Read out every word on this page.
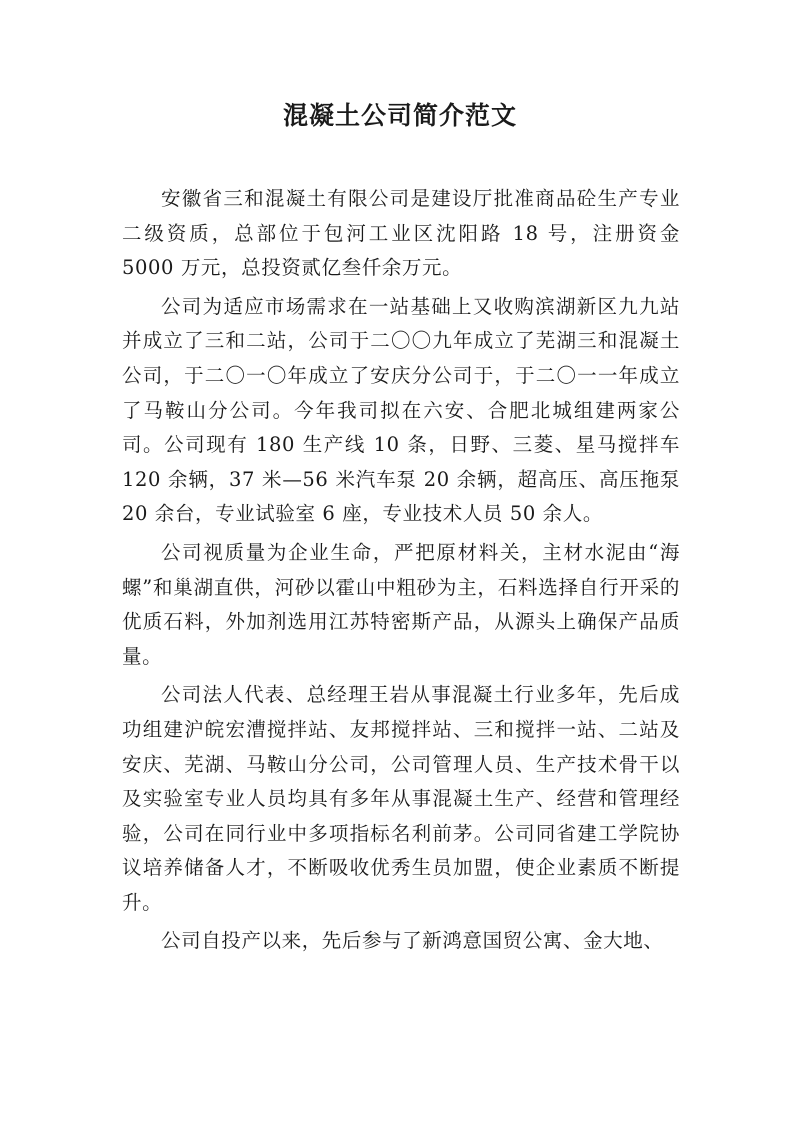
混凝土公司简介范文

安徽省三和混凝土有限公司是建设厅批准商品砼生产专业二级资质，总部位于包河工业区沈阳路 18 号，注册资金 5000 万元，总投资贰亿叁仟余万元。

公司为适应市场需求在一站基础上又收购滨湖新区九九站并成立了三和二站，公司于二〇〇九年成立了芜湖三和混凝土公司，于二〇一〇年成立了安庆分公司于，于二〇一一年成立了马鞍山分公司。今年我司拟在六安、合肥北城组建两家公司。公司现有 180 生产线 10 条，日野、三菱、星马搅拌车 120 余辆，37 米—56 米汽车泵 20 余辆，超高压、高压拖泵 20 余台，专业试验室 6 座，专业技术人员 50 余人。

公司视质量为企业生命，严把原材料关，主材水泥由“海螺”和巢湖直供，河砂以霍山中粗砂为主，石料选择自行开采的优质石料，外加剂选用江苏特密斯产品，从源头上确保产品质量。

公司法人代表、总经理王岩从事混凝土行业多年，先后成功组建沪皖宏漕搅拌站、友邦搅拌站、三和搅拌一站、二站及安庆、芜湖、马鞍山分公司，公司管理人员、生产技术骨干以及实验室专业人员均具有多年从事混凝土生产、经营和管理经验，公司在同行业中多项指标名利前茅。公司同省建工学院协议培养储备人才，不断吸收优秀生员加盟，使企业素质不断提升。

公司自投产以来，先后参与了新鸿意国贸公寓、金大地、
